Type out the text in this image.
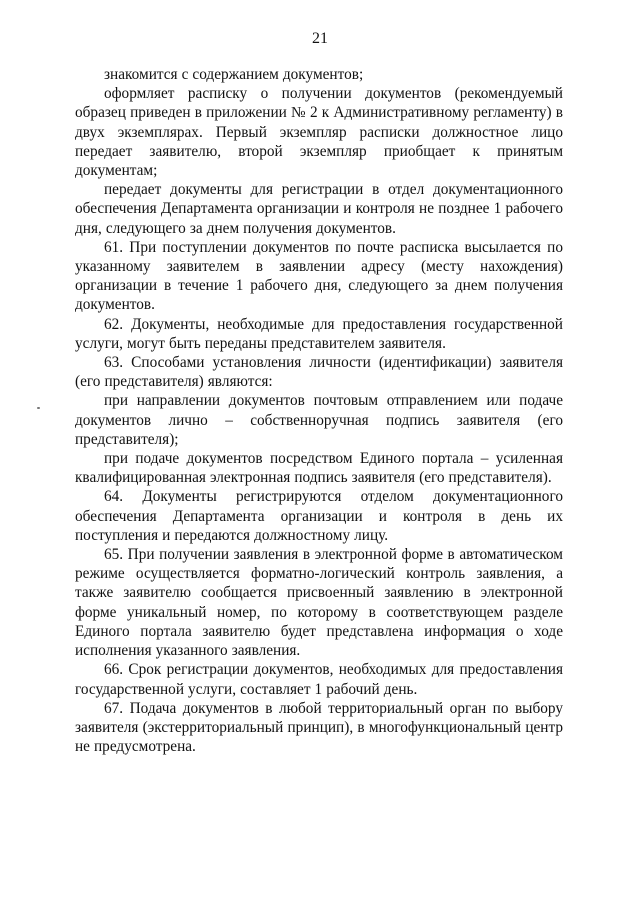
21

знакомится с содержанием документов;

оформляет расписку о получении документов (рекомендуемый образец приведен в приложении № 2 к Административному регламенту) в двух экземплярах. Первый экземпляр расписки должностное лицо передает заявителю, второй экземпляр приобщает к принятым документам;

передает документы для регистрации в отдел документационного обеспечения Департамента организации и контроля не позднее 1 рабочего дня, следующего за днем получения документов.

61. При поступлении документов по почте расписка высылается по указанному заявителем в заявлении адресу (месту нахождения) организации в течение 1 рабочего дня, следующего за днем получения документов.

62. Документы, необходимые для предоставления государственной услуги, могут быть переданы представителем заявителя.

63. Способами установления личности (идентификации) заявителя (его представителя) являются:

при направлении документов почтовым отправлением или подаче документов лично – собственноручная подпись заявителя (его представителя);

при подаче документов посредством Единого портала – усиленная квалифицированная электронная подпись заявителя (его представителя).

64. Документы регистрируются отделом документационного обеспечения Департамента организации и контроля в день их поступления и передаются должностному лицу.

65. При получении заявления в электронной форме в автоматическом режиме осуществляется форматно-логический контроль заявления, а также заявителю сообщается присвоенный заявлению в электронной форме уникальный номер, по которому в соответствующем разделе Единого портала заявителю будет представлена информация о ходе исполнения указанного заявления.

66. Срок регистрации документов, необходимых для предоставления государственной услуги, составляет 1 рабочий день.

67. Подача документов в любой территориальный орган по выбору заявителя (экстерриториальный принцип), в многофункциональный центр не предусмотрена.
